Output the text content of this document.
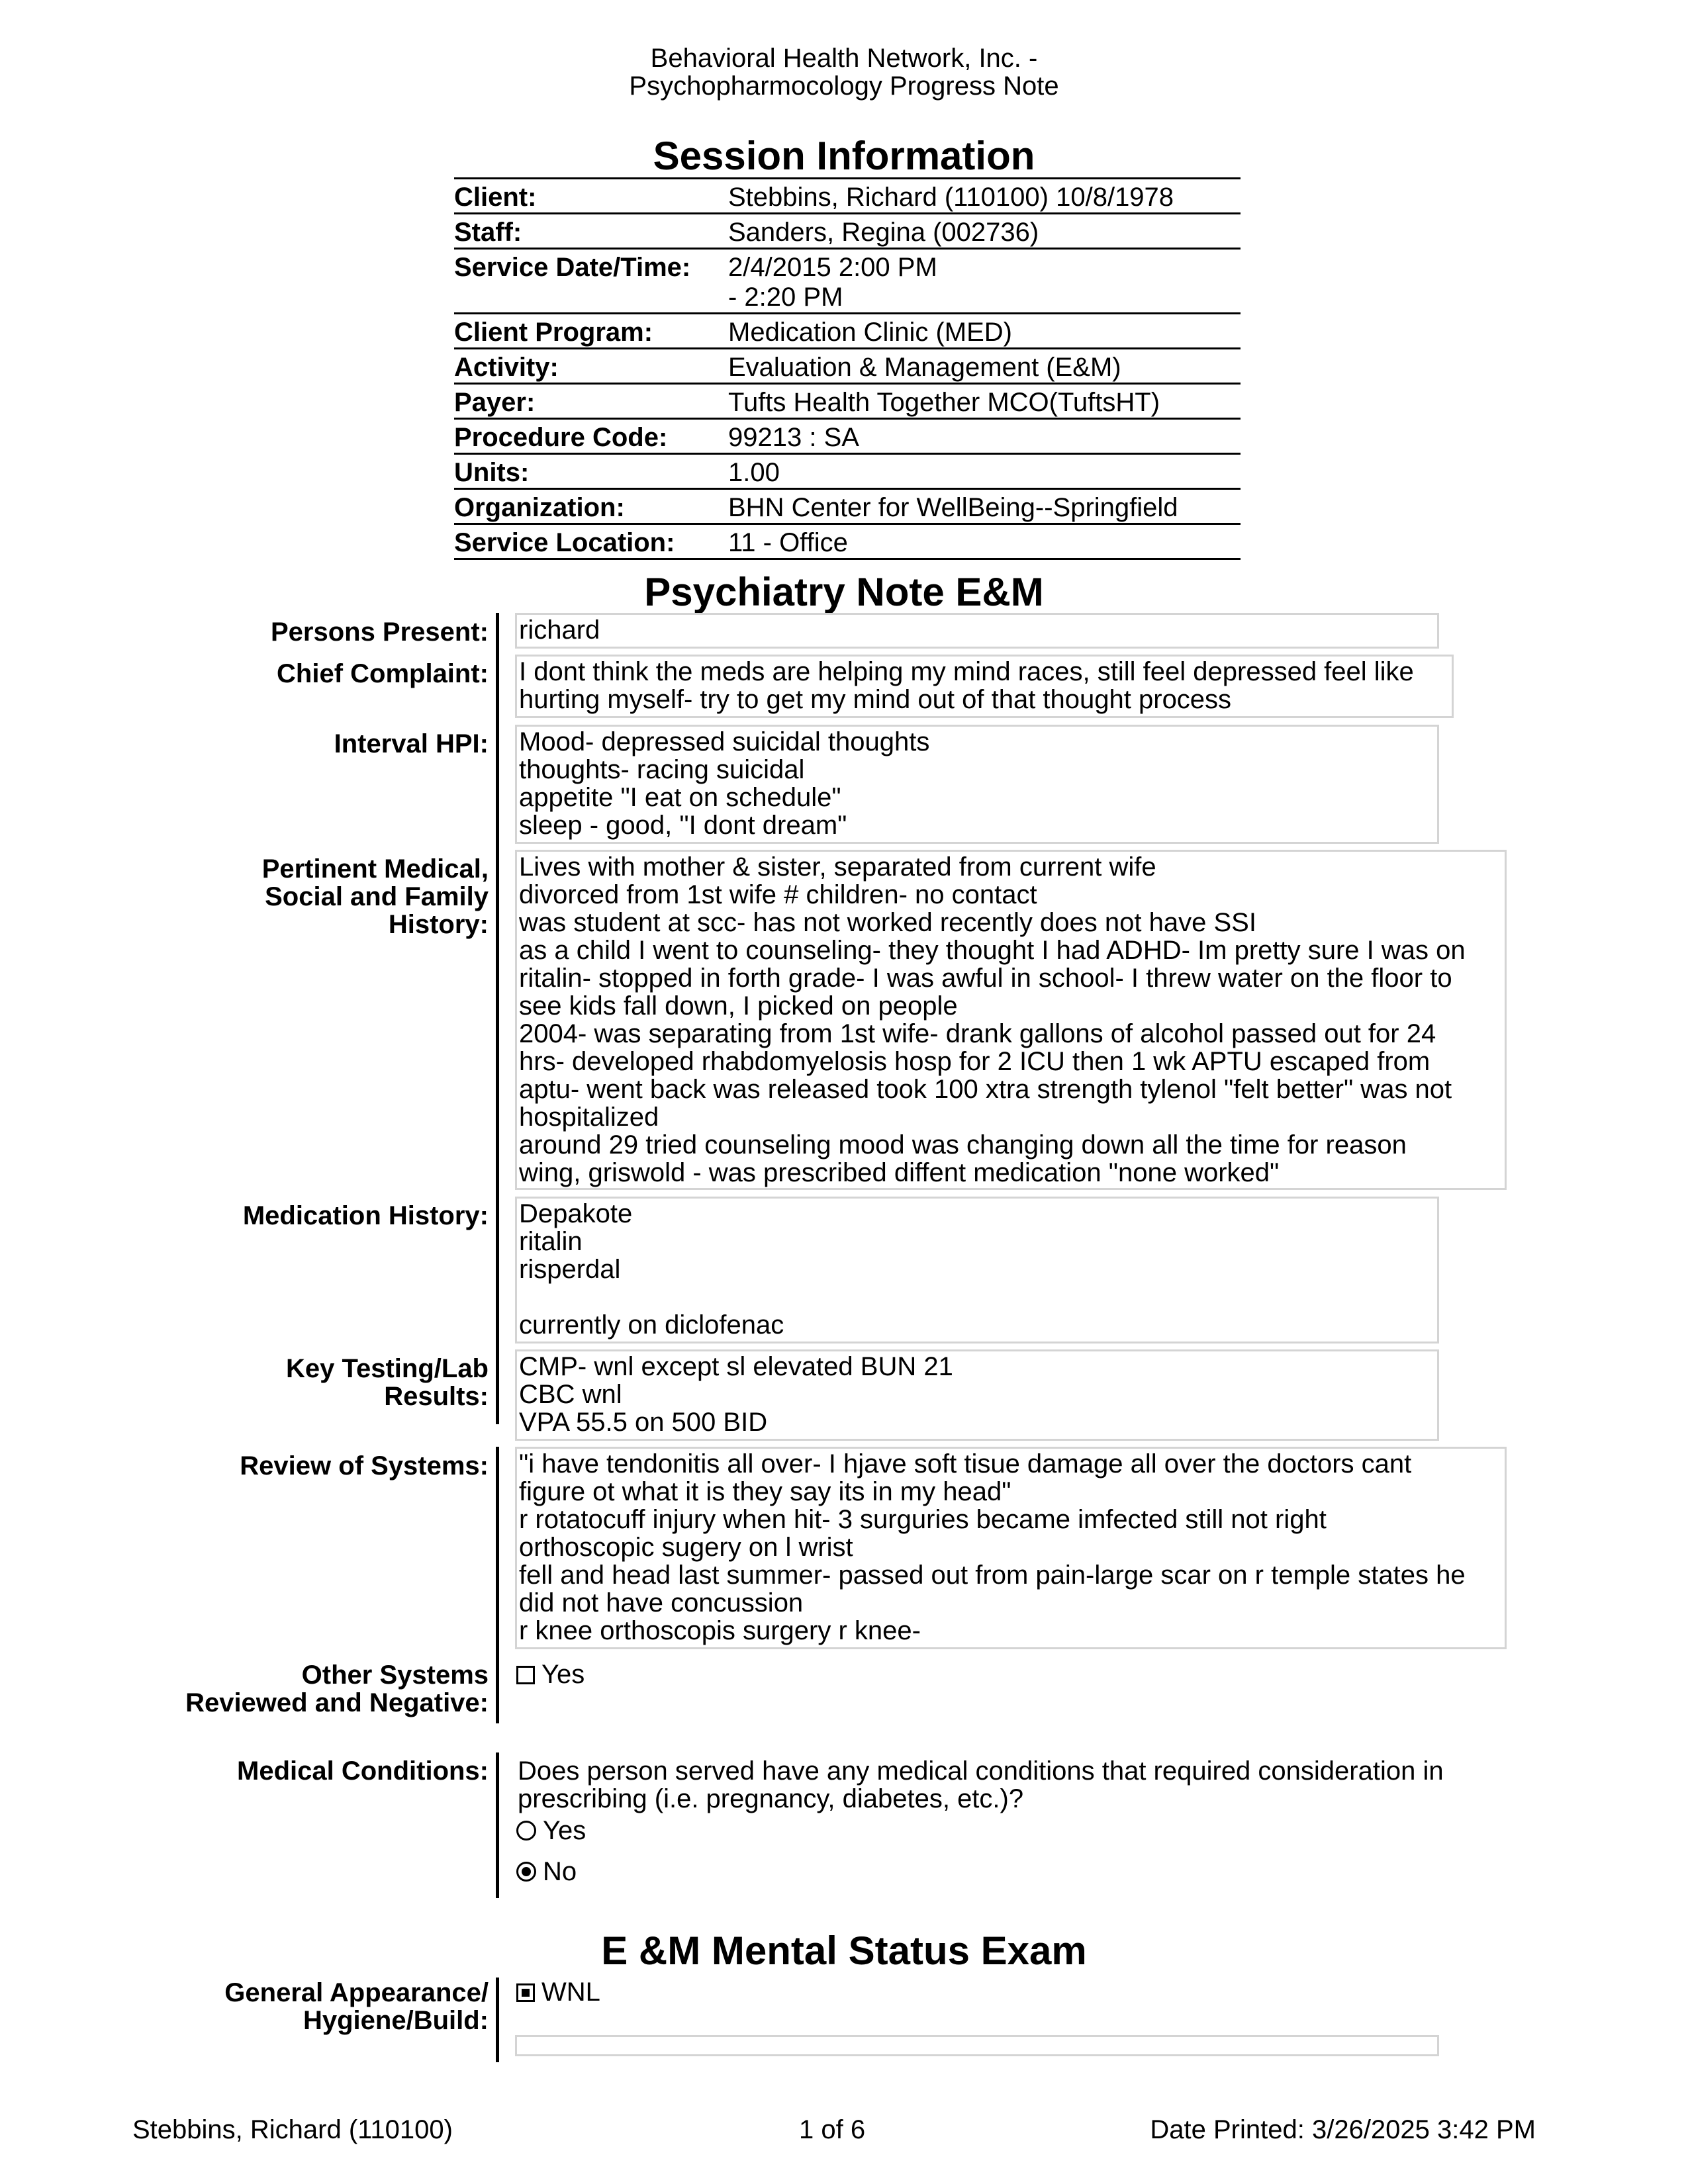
Behavioral Health Network, Inc. -
Psychopharmocology Progress Note
Session Information
Client:	Stebbins, Richard (110100) 10/8/1978
Staff:	Sanders, Regina (002736)
Service Date/Time:	2/4/2015 2:00 PM
- 2:20 PM
Client Program:	Medication Clinic (MED)
Activity:	Evaluation & Management (E&M)
Payer:	Tufts Health Together MCO(TuftsHT)
Procedure Code:	99213 : SA
Units:	1.00
Organization:	BHN Center for WellBeing--Springfield
Service Location:	11 - Office
Psychiatry Note E&M
Persons Present: richard
Chief Complaint: I dont think the meds are helping my mind races, still feel depressed feel like
hurting myself- try to get my mind out of that thought process
Interval HPI: Mood- depressed suicidal thoughts
thoughts- racing suicidal
appetite "I eat on schedule"
sleep - good, "I dont dream"
Pertinent Medical,
Social and Family
History:
Lives with mother & sister, separated from current wife
divorced from 1st wife # children- no contact
was student at scc- has not worked recently does not have SSI
as a child I went to counseling- they thought I had ADHD- Im pretty sure I was on
ritalin- stopped in forth grade- I was awful in school- I threw water on the floor to
see kids fall down, I picked on people
2004- was separating from 1st wife- drank gallons of alcohol passed out for 24
hrs- developed rhabdomyelosis hosp for 2 ICU then 1 wk APTU escaped from
aptu- went back was released took 100 xtra strength tylenol "felt better" was not
hospitalized
around 29 tried counseling mood was changing down all the time for reason
wing, griswold - was prescribed diffent medication "none worked"
Medication History: Depakote
ritalin
risperdal

currently on diclofenac
Key Testing/Lab
Results:
CMP- wnl except sl elevated BUN 21
CBC wnl
VPA 55.5 on 500 BID
Review of Systems: "i have tendonitis all over- I hjave soft tisue damage all over the doctors cant
figure ot what it is they say its in my head"
r rotatocuff injury when hit- 3 surguries became imfected still not right
orthoscopic sugery on l wrist
fell and head last summer- passed out from pain-large scar on r temple states he
did not have concussion
r knee orthoscopis surgery r knee-
Other Systems
Reviewed and Negative:
Yes
Medical Conditions: Does person served have any medical conditions that required consideration in
prescribing (i.e. pregnancy, diabetes, etc.)?
Yes
No
E &M Mental Status Exam
General Appearance/
Hygiene/Build:
WNL
Stebbins, Richard (110100)	1 of 6	Date Printed: 3/26/2025 3:42 PM
